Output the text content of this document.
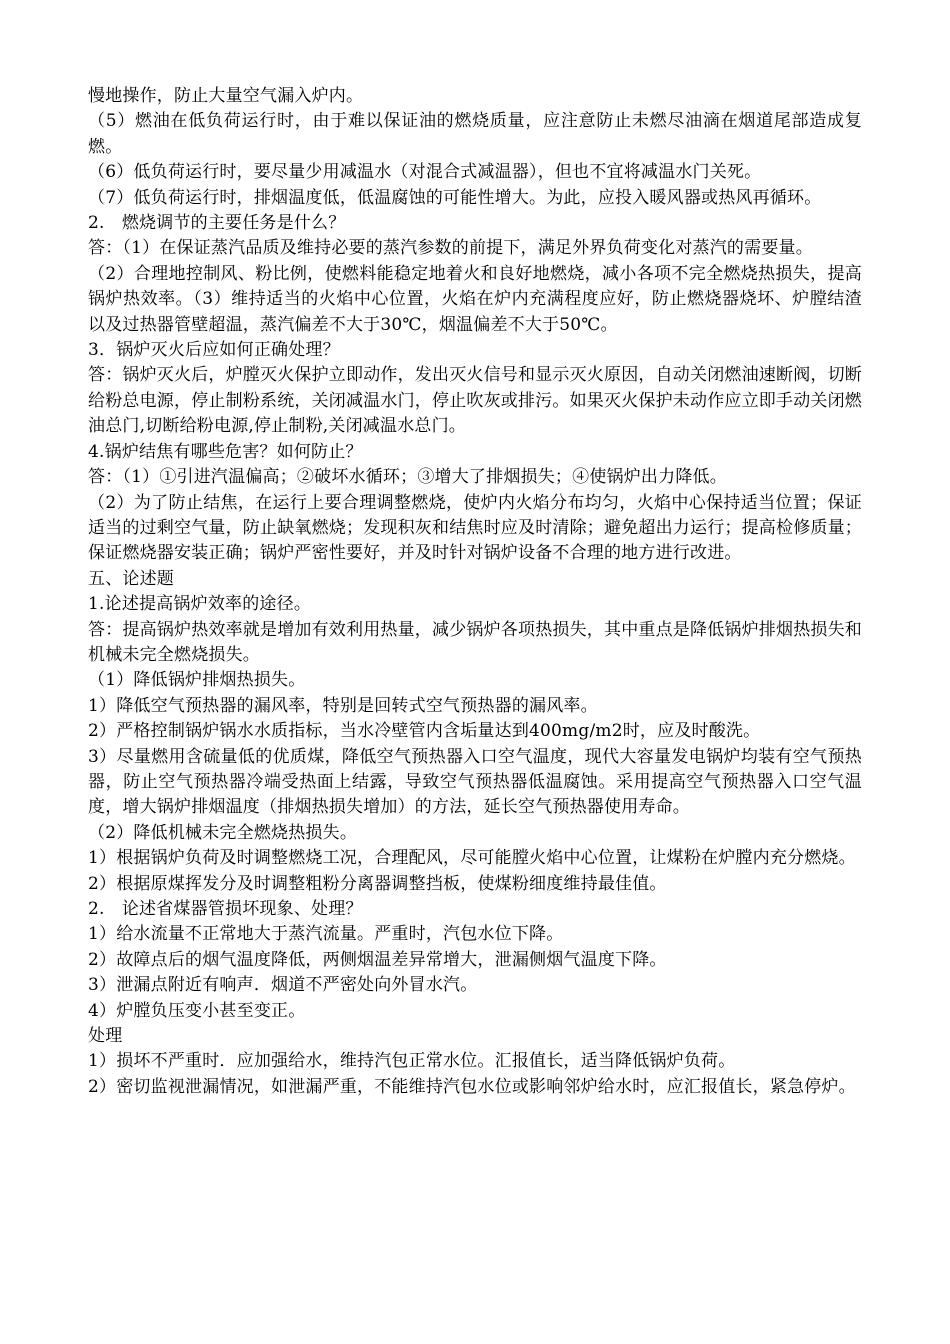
慢地操作，防止大量空气漏入炉内。

（5）燃油在低负荷运行时，由于难以保证油的燃烧质量，应注意防止未燃尽油滴在烟道尾部造成复燃。

（6）低负荷运行时，要尽量少用减温水（对混合式减温器），但也不宜将减温水门关死。

（7）低负荷运行时，排烟温度低，低温腐蚀的可能性增大。为此，应投入暖风器或热风再循环。

2.　燃烧调节的主要任务是什么？

答：（1）在保证蒸汽品质及维持必要的蒸汽参数的前提下，满足外界负荷变化对蒸汽的需要量。

（2）合理地控制风、粉比例，使燃料能稳定地着火和良好地燃烧，减小各项不完全燃烧热损失，提高锅炉热效率。（3）维持适当的火焰中心位置，火焰在炉内充满程度应好，防止燃烧器烧坏、炉膛结渣以及过热器管壁超温，蒸汽偏差不大于30℃，烟温偏差不大于50℃。

3．锅炉灭火后应如何正确处理？

答：锅炉灭火后，炉膛灭火保护立即动作，发出灭火信号和显示灭火原因，自动关闭燃油速断阀，切断给粉总电源，停止制粉系统，关闭减温水门，停止吹灰或排污。如果灭火保护未动作应立即手动关闭燃油总门,切断给粉电源,停止制粉,关闭减温水总门。

4.锅炉结焦有哪些危害？如何防止？

答：（1）①引进汽温偏高；②破坏水循环；③增大了排烟损失；④使锅炉出力降低。

（2）为了防止结焦，在运行上要合理调整燃烧，使炉内火焰分布均匀，火焰中心保持适当位置；保证适当的过剩空气量，防止缺氧燃烧；发现积灰和结焦时应及时清除；避免超出力运行；提高检修质量；保证燃烧器安装正确；锅炉严密性要好，并及时针对锅炉设备不合理的地方进行改进。

五、论述题

1.论述提高锅炉效率的途径。

答：提高锅炉热效率就是增加有效利用热量，减少锅炉各项热损失，其中重点是降低锅炉排烟热损失和机械未完全燃烧损失。

（1）降低锅炉排烟热损失。

1）降低空气预热器的漏风率，特别是回转式空气预热器的漏风率。

2）严格控制锅炉锅水水质指标，当水冷壁管内含垢量达到400mg/m2时，应及时酸洗。

3）尽量燃用含硫量低的优质煤，降低空气预热器入口空气温度，现代大容量发电锅炉均装有空气预热器，防止空气预热器冷端受热面上结露，导致空气预热器低温腐蚀。采用提高空气预热器入口空气温度，增大锅炉排烟温度（排烟热损失增加）的方法，延长空气预热器使用寿命。

（2）降低机械未完全燃烧热损失。

1）根据锅炉负荷及时调整燃烧工况，合理配风，尽可能膛火焰中心位置，让煤粉在炉膛内充分燃烧。

2）根据原煤挥发分及时调整粗粉分离器调整挡板，使煤粉细度维持最佳值。

2.　论述省煤器管损坏现象、处理？

1）给水流量不正常地大于蒸汽流量。严重时，汽包水位下降。

2）故障点后的烟气温度降低，两侧烟温差异常增大，泄漏侧烟气温度下降。

3）泄漏点附近有响声．烟道不严密处向外冒水汽。

4）炉膛负压变小甚至变正。

处理

1）损坏不严重时．应加强给水，维持汽包正常水位。汇报值长，适当降低锅炉负荷。

2）密切监视泄漏情况，如泄漏严重，不能维持汽包水位或影响邻炉给水时，应汇报值长，紧急停炉。
